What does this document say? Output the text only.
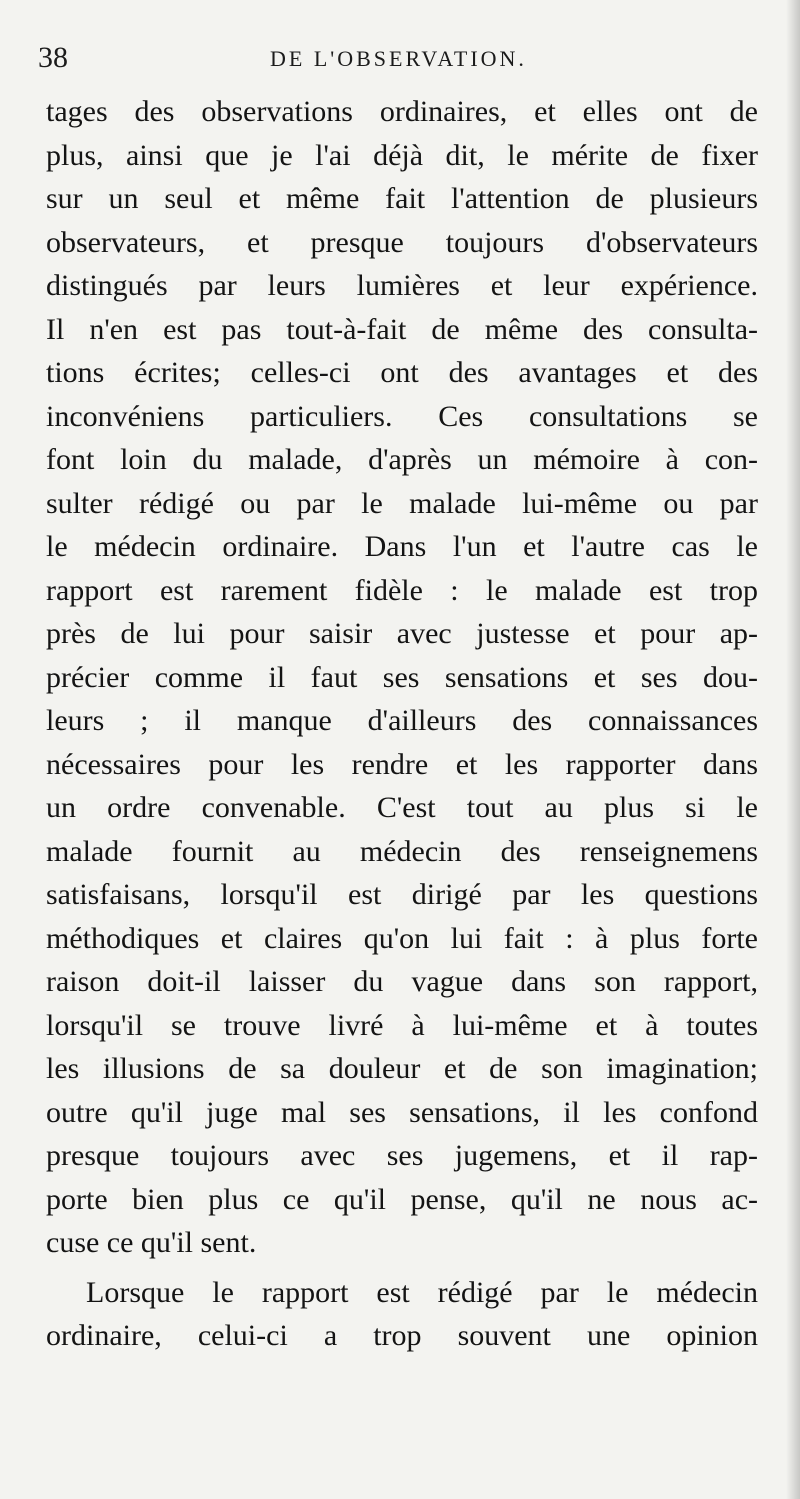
38	DE L'OBSERVATION.
tages des observations ordinaires, et elles ont de
plus, ainsi que je l'ai déjà dit, le mérite de fixer
sur un seul et même fait l'attention de plusieurs
observateurs, et presque toujours d'observateurs
distingués par leurs lumières et leur expérience.
Il n'en est pas tout-à-fait de même des consulta-
tions écrites; celles-ci ont des avantages et des
inconvéniens particuliers. Ces consultations se
font loin du malade, d'après un mémoire à con-
sulter rédigé ou par le malade lui-même ou par
le médecin ordinaire. Dans l'un et l'autre cas le
rapport est rarement fidèle : le malade est trop
près de lui pour saisir avec justesse et pour ap-
précier comme il faut ses sensations et ses dou-
leurs ; il manque d'ailleurs des connaissances
nécessaires pour les rendre et les rapporter dans
un ordre convenable. C'est tout au plus si le
malade fournit au médecin des renseignemens
satisfaisans, lorsqu'il est dirigé par les questions
méthodiques et claires qu'on lui fait : à plus forte
raison doit-il laisser du vague dans son rapport,
lorsqu'il se trouve livré à lui-même et à toutes
les illusions de sa douleur et de son imagination;
outre qu'il juge mal ses sensations, il les confond
presque toujours avec ses jugemens, et il rap-
porte bien plus ce qu'il pense, qu'il ne nous ac-
cuse ce qu'il sent.
Lorsque le rapport est rédigé par le médecin
ordinaire, celui-ci a trop souvent une opinion
